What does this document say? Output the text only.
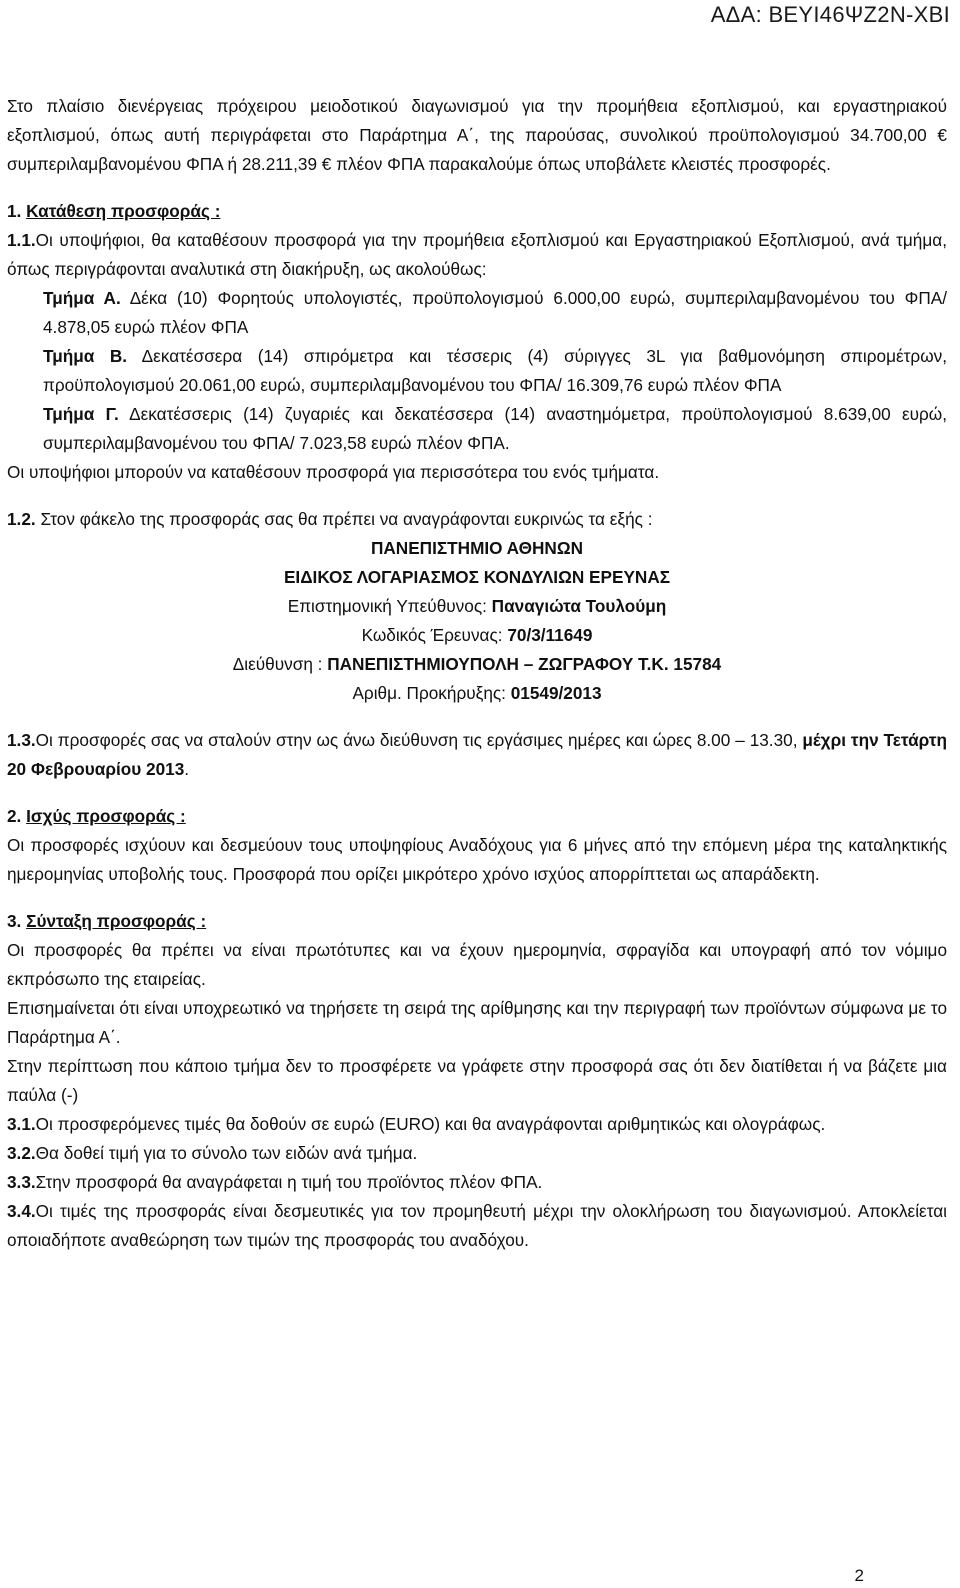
ΑΔΑ: ΒΕΥΙ46ΨΖ2Ν-ΧΒΙ

Στο πλαίσιο διενέργειας πρόχειρου μειοδοτικού διαγωνισμού για την προμήθεια εξοπλισμού, και εργαστηριακού εξοπλισμού, όπως αυτή περιγράφεται στο Παράρτημα Α΄, της παρούσας, συνολικού προϋπολογισμού 34.700,00 € συμπεριλαμβανομένου ΦΠΑ ή 28.211,39 € πλέον ΦΠΑ παρακαλούμε όπως υποβάλετε κλειστές προσφορές.

1. Κατάθεση προσφοράς :

1.1.Οι υποψήφιοι, θα καταθέσουν προσφορά για την προμήθεια εξοπλισμού και Εργαστηριακού Εξοπλισμού, ανά τμήμα, όπως περιγράφονται αναλυτικά στη διακήρυξη, ως ακολούθως:

Τμήμα Α. Δέκα (10) Φορητούς υπολογιστές, προϋπολογισμού 6.000,00 ευρώ, συμπεριλαμβανομένου του ΦΠΑ/ 4.878,05 ευρώ πλέον ΦΠΑ

Τμήμα Β. Δεκατέσσερα (14) σπιρόμετρα και τέσσερις (4) σύριγγες 3L για βαθμονόμηση σπιρομέτρων, προϋπολογισμού 20.061,00 ευρώ, συμπεριλαμβανομένου του ΦΠΑ/ 16.309,76 ευρώ πλέον ΦΠΑ

Τμήμα Γ. Δεκατέσσερις (14) ζυγαριές και δεκατέσσερα (14) αναστημόμετρα, προϋπολογισμού 8.639,00 ευρώ, συμπεριλαμβανομένου του ΦΠΑ/ 7.023,58 ευρώ πλέον ΦΠΑ.

Οι υποψήφιοι μπορούν να καταθέσουν προσφορά για περισσότερα του ενός τμήματα.

1.2. Στον φάκελο της προσφοράς σας θα πρέπει να αναγράφονται ευκρινώς τα εξής :

ΠΑΝΕΠΙΣΤΗΜΙΟ ΑΘΗΝΩΝ
ΕΙΔΙΚΟΣ ΛΟΓΑΡΙΑΣΜΟΣ ΚΟΝΔΥΛΙΩΝ ΕΡΕΥΝΑΣ
Επιστημονική Υπεύθυνος: Παναγιώτα Τουλούμη
Κωδικός Έρευνας: 70/3/11649
Διεύθυνση : ΠΑΝΕΠΙΣΤΗΜΙΟΥΠΟΛΗ – ΖΩΓΡΑΦΟΥ Τ.Κ. 15784
Αριθμ. Προκήρυξης: 01549/2013

1.3.Οι προσφορές σας να σταλούν στην ως άνω διεύθυνση τις εργάσιμες ημέρες και ώρες 8.00 – 13.30, μέχρι την Τετάρτη 20 Φεβρουαρίου 2013.

2. Ισχύς προσφοράς :

Οι προσφορές ισχύουν και δεσμεύουν τους υποψηφίους Αναδόχους για 6 μήνες από την επόμενη μέρα της καταληκτικής ημερομηνίας υποβολής τους. Προσφορά που ορίζει μικρότερο χρόνο ισχύος απορρίπτεται ως απαράδεκτη.

3. Σύνταξη προσφοράς :

Οι προσφορές θα πρέπει να είναι πρωτότυπες και να έχουν ημερομηνία, σφραγίδα και υπογραφή από τον νόμιμο εκπρόσωπο της εταιρείας.

Επισημαίνεται ότι είναι υποχρεωτικό να τηρήσετε τη σειρά της αρίθμησης και την περιγραφή των προϊόντων σύμφωνα με το Παράρτημα Α΄.

Στην περίπτωση που κάποιο τμήμα δεν το προσφέρετε να γράφετε στην προσφορά σας ότι δεν διατίθεται ή να βάζετε μια παύλα (-)

3.1.Οι προσφερόμενες τιμές θα δοθούν σε ευρώ (EURO) και θα αναγράφονται αριθμητικώς και ολογράφως.

3.2.Θα δοθεί τιμή για το σύνολο των ειδών ανά τμήμα.

3.3.Στην προσφορά θα αναγράφεται η τιμή του προϊόντος πλέον ΦΠΑ.

3.4.Οι τιμές της προσφοράς είναι δεσμευτικές για τον προμηθευτή μέχρι την ολοκλήρωση του διαγωνισμού. Αποκλείεται οποιαδήποτε αναθεώρηση των τιμών της προσφοράς του αναδόχου.

2
